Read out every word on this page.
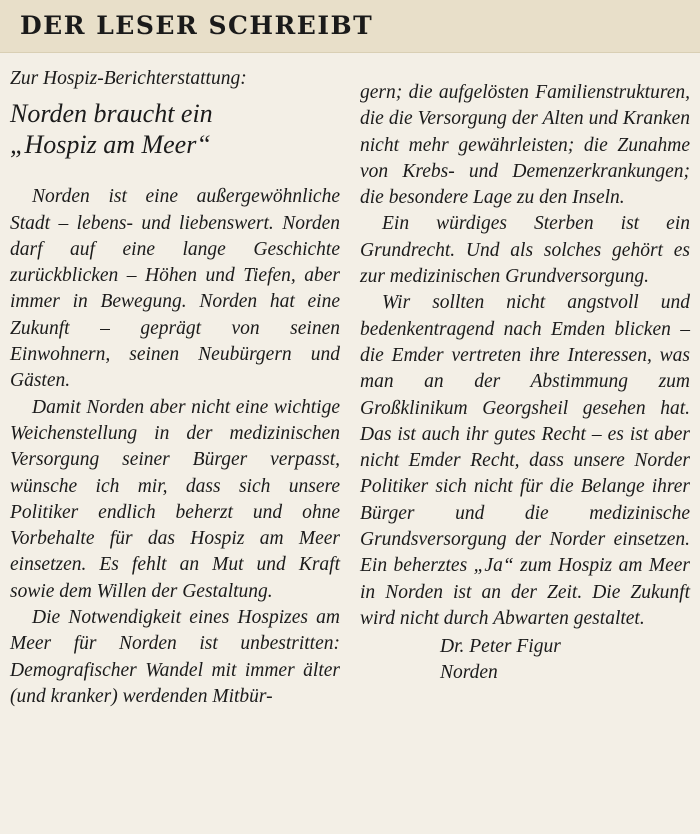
DER LESER SCHREIBT
Zur Hospiz-Berichterstattung:
Norden braucht ein
„Hospiz am Meer“

Norden ist eine außergewöhnliche Stadt – lebens- und liebenswert. Norden darf auf eine lange Geschichte zurückblicken – Höhen und Tiefen, aber immer in Bewegung. Norden hat eine Zukunft – geprägt von seinen Einwohnern, seinen Neubürgern und Gästen.

Damit Norden aber nicht eine wichtige Weichenstellung in der medizinischen Versorgung seiner Bürger verpasst, wünsche ich mir, dass sich unsere Politiker endlich beherzt und ohne Vorbehalte für das Hospiz am Meer einsetzen. Es fehlt an Mut und Kraft sowie dem Willen der Gestaltung.

Die Notwendigkeit eines Hospizes am Meer für Norden ist unbestritten: Demografischer Wandel mit immer älter (und kranker) werdenden Mitbür-

gern; die aufgelösten Familienstrukturen, die die Versorgung der Alten und Kranken nicht mehr gewährleisten; die Zunahme von Krebs- und Demenzerkrankungen; die besondere Lage zu den Inseln.

Ein würdiges Sterben ist ein Grundrecht. Und als solches gehört es zur medizinischen Grundversorgung.

Wir sollten nicht angstvoll und bedenkentragend nach Emden blicken – die Emder vertreten ihre Interessen, was man an der Abstimmung zum Großklinikum Georgsheil gesehen hat. Das ist auch ihr gutes Recht – es ist aber nicht Emder Recht, dass unsere Norder Politiker sich nicht für die Belange ihrer Bürger und die medizinische Grundsversorgung der Norder einsetzen. Ein beherztes „Ja“ zum Hospiz am Meer in Norden ist an der Zeit. Die Zukunft wird nicht durch Abwarten gestaltet.

Dr. Peter Figur
Norden
